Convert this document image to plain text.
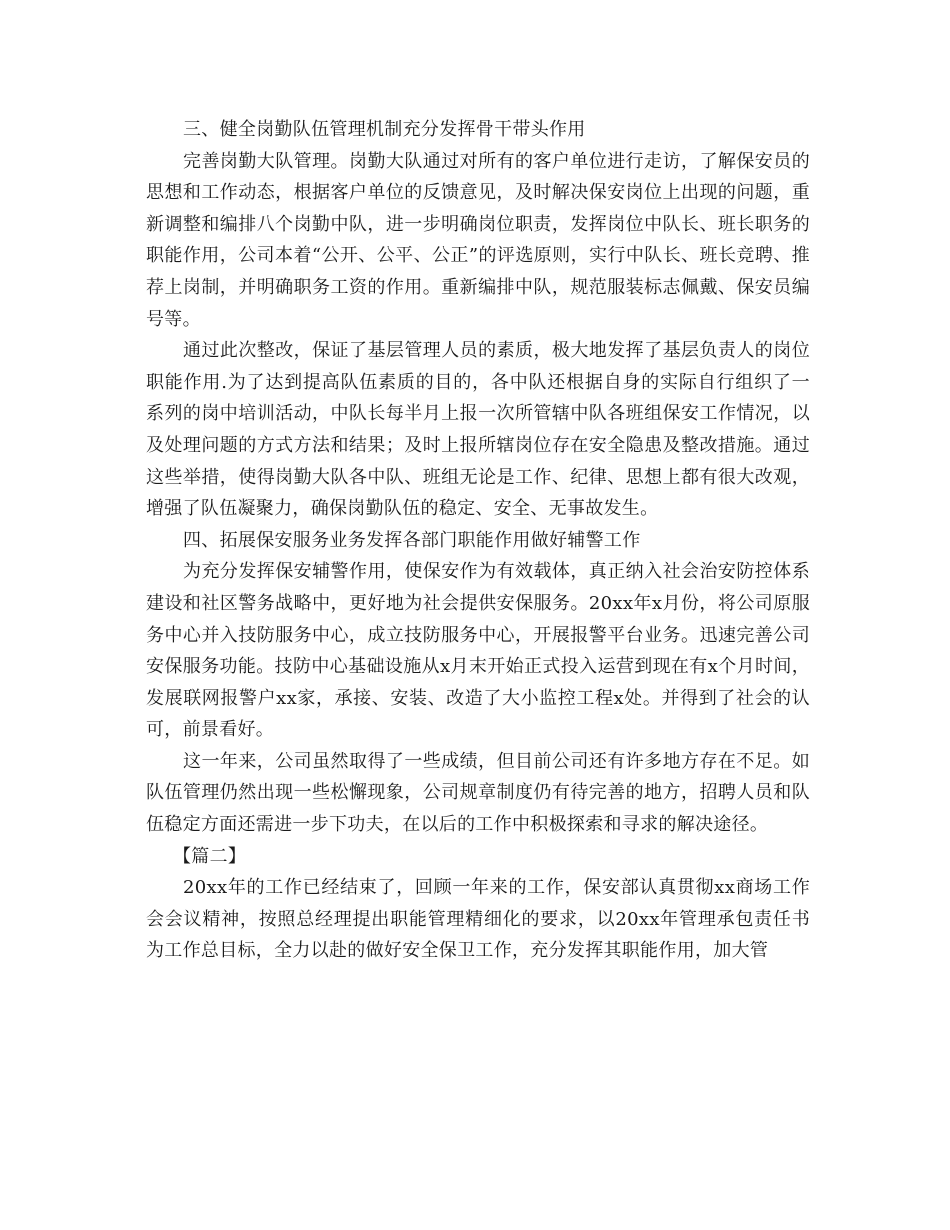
三、健全岗勤队伍管理机制充分发挥骨干带头作用

完善岗勤大队管理。岗勤大队通过对所有的客户单位进行走访，了解保安员的思想和工作动态，根据客户单位的反馈意见，及时解决保安岗位上出现的问题，重新调整和编排八个岗勤中队，进一步明确岗位职责，发挥岗位中队长、班长职务的职能作用，公司本着“公开、公平、公正”的评选原则，实行中队长、班长竞聘、推荐上岗制，并明确职务工资的作用。重新编排中队，规范服装标志佩戴、保安员编号等。

通过此次整改，保证了基层管理人员的素质，极大地发挥了基层负责人的岗位职能作用.为了达到提高队伍素质的目的，各中队还根据自身的实际自行组织了一系列的岗中培训活动，中队长每半月上报一次所管辖中队各班组保安工作情况，以及处理问题的方式方法和结果；及时上报所辖岗位存在安全隐患及整改措施。通过这些举措，使得岗勤大队各中队、班组无论是工作、纪律、思想上都有很大改观，增强了队伍凝聚力，确保岗勤队伍的稳定、安全、无事故发生。

四、拓展保安服务业务发挥各部门职能作用做好辅警工作

为充分发挥保安辅警作用，使保安作为有效载体，真正纳入社会治安防控体系建设和社区警务战略中，更好地为社会提供安保服务。20xx年x月份，将公司原服务中心并入技防服务中心，成立技防服务中心，开展报警平台业务。迅速完善公司安保服务功能。技防中心基础设施从x月末开始正式投入运营到现在有x个月时间，发展联网报警户xx家，承接、安装、改造了大小监控工程x处。并得到了社会的认可，前景看好。

这一年来，公司虽然取得了一些成绩，但目前公司还有许多地方存在不足。如队伍管理仍然出现一些松懈现象，公司规章制度仍有待完善的地方，招聘人员和队伍稳定方面还需进一步下功夫，在以后的工作中积极探索和寻求的解决途径。

【篇二】

20xx年的工作已经结束了，回顾一年来的工作，保安部认真贯彻xx商场工作会会议精神，按照总经理提出职能管理精细化的要求，以20xx年管理承包责任书为工作总目标，全力以赴的做好安全保卫工作，充分发挥其职能作用，加大管
